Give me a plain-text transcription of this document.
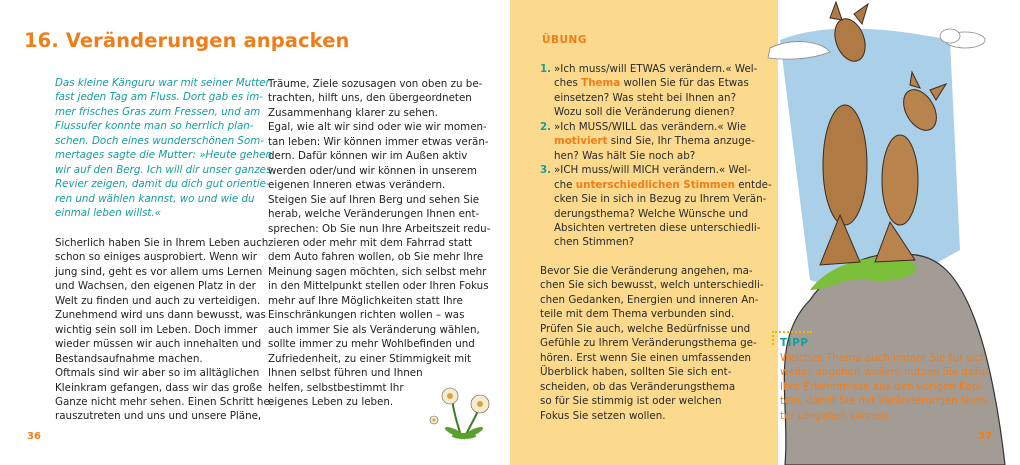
16. Veränderungen anpacken
Das kleine Känguru war mit seiner Mutter
fast jeden Tag am Fluss. Dort gab es im-
mer frisches Gras zum Fressen, und am
Flussufer konnte man so herrlich plan-
schen. Doch eines wunderschönen Som-
mertages sagte die Mutter: »Heute gehen
wir auf den Berg. Ich will dir unser ganzes
Revier zeigen, damit du dich gut orientie-
ren und wählen kannst, wo und wie du
einmal leben willst.«
Sicherlich haben Sie in Ihrem Leben auch
schon so einiges ausprobiert. Wenn wir
jung sind, geht es vor allem ums Lernen
und Wachsen, den eigenen Platz in der
Welt zu finden und auch zu verteidigen.
Zunehmend wird uns dann bewusst, was
wichtig sein soll im Leben. Doch immer
wieder müssen wir auch innehalten und
Bestandsaufnahme machen.
Oftmals sind wir aber so im alltäglichen
Kleinkram gefangen, dass wir das große
Ganze nicht mehr sehen. Einen Schritt he-
rauszutreten und uns und unsere Pläne,
Träume, Ziele sozusagen von oben zu be-
trachten, hilft uns, den übergeordneten
Zusammenhang klarer zu sehen.
Egal, wie alt wir sind oder wie wir momen-
tan leben: Wir können immer etwas verän-
dern. Dafür können wir im Außen aktiv
werden oder/und wir können in unserem
eigenen Inneren etwas verändern.
Steigen Sie auf Ihren Berg und sehen Sie
herab, welche Veränderungen Ihnen ent-
sprechen: Ob Sie nun Ihre Arbeitszeit redu-
zieren oder mehr mit dem Fahrrad statt
dem Auto fahren wollen, ob Sie mehr Ihre
Meinung sagen möchten, sich selbst mehr
in den Mittelpunkt stellen oder Ihren Fokus
mehr auf Ihre Möglichkeiten statt Ihre
Einschränkungen richten wollen – was
auch immer Sie als Veränderung wählen,
sollte immer zu mehr Wohlbefinden und
Zufriedenheit, zu einer Stimmigkeit mit
Ihnen selbst führen und Ihnen
helfen, selbstbestimmt Ihr
eigenes Leben zu leben.
36
ÜBUNG
1. »Ich muss/will ETWAS verändern.« Wel-
ches Thema wollen Sie für das Etwas
einsetzen? Was steht bei Ihnen an?
Wozu soll die Veränderung dienen?
2. »Ich MUSS/WILL das verändern.« Wie
motiviert sind Sie, Ihr Thema anzuge-
hen? Was hält Sie noch ab?
3. »ICH muss/will MICH verändern.« Wel-
che unterschiedlichen Stimmen entde-
cken Sie in sich in Bezug zu Ihrem Verän-
derungsthema? Welche Wünsche und
Absichten vertreten diese unterschiedli-
chen Stimmen?
Bevor Sie die Veränderung angehen, ma-
chen Sie sich bewusst, welch unterschiedli-
chen Gedanken, Energien und inneren An-
teile mit dem Thema verbunden sind.
Prüfen Sie auch, welche Bedürfnisse und
Gefühle zu Ihrem Veränderungsthema ge-
hören. Erst wenn Sie einen umfassenden
Überblick haben, sollten Sie sich ent-
scheiden, ob das Veränderungsthema
so für Sie stimmig ist oder welchen
Fokus Sie setzen wollen.
TIPP
Welches Thema auch immer Sie für sich
weiter angehen wollen: nutzen Sie dafür
Ihre Erkenntnisse aus den vorigen Kapi-
teln, damit Sie mit Veränderungen leich-
ter umgehen können.
37
